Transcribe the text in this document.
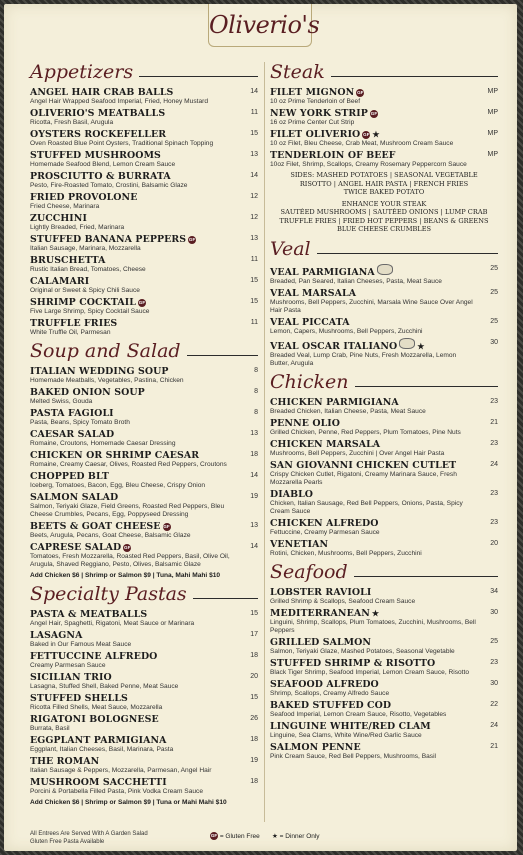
Oliverio's
Appetizers
ANGEL HAIR CRAB BALLS
Angel Hair Wrapped Seafood Imperial, Fried, Honey Mustard
14
OLIVERIO'S MEATBALLS
Ricotta, Fresh Basil, Arugula
11
OYSTERS ROCKEFELLER
Oven Roasted Blue Point Oysters, Traditional Spinach Topping
15
STUFFED MUSHROOMS
Homemade Seafood Blend, Lemon Cream Sauce
13
PROSCIUTTO & BURRATA
Pesto, Fire-Roasted Tomato, Crostini, Balsamic Glaze
14
FRIED PROVOLONE
Fried Cheese, Marinara
12
ZUCCHINI
Lightly Breaded, Fried, Marinara
12
STUFFED BANANA PEPPERS GF
Italian Sausage, Marinara, Mozzarella
13
BRUSCHETTA
Rustic Italian Bread, Tomatoes, Cheese
11
CALAMARI
Original or Sweet & Spicy Chili Sauce
15
SHRIMP COCKTAIL GF
Five Large Shrimp, Spicy Cocktail Sauce
15
TRUFFLE FRIES
White Truffle Oil, Parmesan
11
Soup and Salad
ITALIAN WEDDING SOUP
Homemade Meatballs, Vegetables, Pastina, Chicken
8
BAKED ONION SOUP
Melted Swiss, Gouda
8
PASTA FAGIOLI
Pasta, Beans, Spicy Tomato Broth
8
CAESAR SALAD
Romaine, Croutons, Homemade Caesar Dressing
13
CHICKEN OR SHRIMP CAESAR
Romaine, Creamy Caesar, Olives, Roasted Red Peppers, Croutons
18
CHOPPED BLT
Iceberg, Tomatoes, Bacon, Egg, Bleu Cheese, Crispy Onion
14
SALMON SALAD
Salmon, Teriyaki Glaze, Field Greens, Roasted Red Peppers, Bleu Cheese Crumbles, Pecans, Egg, Poppyseed Dressing
19
BEETS & GOAT CHEESE GF
Beets, Arugula, Pecans, Goat Cheese, Balsamic Glaze
13
CAPRESE SALAD GF
Tomatoes, Fresh Mozzarella, Roasted Red Peppers, Basil, Olive Oil, Arugula, Shaved Reggiano, Pesto, Olives, Balsamic Glaze
14
Add Chicken $6 | Shrimp or Salmon $9 | Tuna, Mahi Mahi $10
Specialty Pastas
PASTA & MEATBALLS
Angel Hair, Spaghetti, Rigatoni, Meat Sauce or Marinara
15
LASAGNA
Baked in Our Famous Meat Sauce
17
FETTUCCINE ALFREDO
Creamy Parmesan Sauce
18
SICILIAN TRIO
Lasagna, Stuffed Shell, Baked Penne, Meat Sauce
20
STUFFED SHELLS
Ricotta Filled Shells, Meat Sauce, Mozzarella
15
RIGATONI BOLOGNESE
Burrata, Basil
26
EGGPLANT PARMIGIANA
Eggplant, Italian Cheeses, Basil, Marinara, Pasta
18
THE ROMAN
Italian Sausage & Peppers, Mozzarella, Parmesan, Angel Hair
19
MUSHROOM SACCHETTI
Porcini & Portabella Filled Pasta, Pink Vodka Cream Sauce
18
Add Chicken $6 | Shrimp or Salmon $9 | Tuna or Mahi Mahi $10
Steak
FILET MIGNON GF
10 oz Prime Tenderloin of Beef
MP
NEW YORK STRIP GF
16 oz Prime Center Cut Strip
MP
FILET OLIVERIO GF ★
10 oz Filet, Bleu Cheese, Crab Meat, Mushroom Cream Sauce
MP
TENDERLOIN OF BEEF
10oz Filet, Shrimp, Scallops, Creamy Rosemary Peppercorn Sauce
MP
SIDES: MASHED POTATOES | SEASONAL VEGETABLE
RISOTTO | ANGEL HAIR PASTA | FRENCH FRIES
TWICE BAKED POTATO
ENHANCE YOUR STEAK
SAUTÉED MUSHROOMS | SAUTÉED ONIONS | LUMP CRAB
TRUFFLE FRIES | FRIED HOT PEPPERS | BEANS & GREENS
BLUE CHEESE CRUMBLES
Veal
VEAL PARMIGIANA
Breaded, Pan Seared, Italian Cheeses, Pasta, Meat Sauce
25
VEAL MARSALA
Mushrooms, Bell Peppers, Zucchini, Marsala Wine Sauce Over Angel Hair Pasta
25
VEAL PICCATA
Lemon, Capers, Mushrooms, Bell Peppers, Zucchini
25
VEAL OSCAR ITALIANO	★
Breaded Veal, Lump Crab, Pine Nuts, Fresh Mozzarella, Lemon Butter, Arugula
30
Chicken
CHICKEN PARMIGIANA
Breaded Chicken, Italian Cheese, Pasta, Meat Sauce
23
PENNE OLIO
Grilled Chicken, Penne, Red Peppers, Plum Tomatoes, Pine Nuts
21
CHICKEN MARSALA
Mushrooms, Bell Peppers, Zucchini | Over Angel Hair Pasta
23
SAN GIOVANNI CHICKEN CUTLET
Crispy Chicken Cutlet, Rigatoni, Creamy Marinara Sauce, Fresh Mozzarella Pearls
24
DIABLO
Chicken, Italian Sausage, Red Bell Peppers, Onions, Pasta, Spicy Cream Sauce
23
CHICKEN ALFREDO
Fettuccine, Creamy Parmesan Sauce
23
VENETIAN
Rotini, Chicken, Mushrooms, Bell Peppers, Zucchini
20
Seafood
LOBSTER RAVIOLI
Grilled Shrimp & Scallops, Seafood Cream Sauce
34
MEDITERRANEAN ★
Linguini, Shrimp, Scallops, Plum Tomatoes, Zucchini, Mushrooms, Bell Peppers
30
GRILLED SALMON
Salmon, Teriyaki Glaze, Mashed Potatoes, Seasonal Vegetable
25
STUFFED SHRIMP & RISOTTO
Black Tiger Shrimp, Seafood Imperial, Lemon Cream Sauce, Risotto
23
SEAFOOD ALFREDO
Shrimp, Scallops, Creamy Alfredo Sauce
30
BAKED STUFFED COD
Seafood Imperial, Lemon Cream Sauce, Risotto, Vegetables
22
LINGUINE WHITE/RED CLAM
Linguine, Sea Clams, White Wine/Red Garlic Sauce
24
SALMON PENNE
Pink Cream Sauce, Red Bell Peppers, Mushrooms, Basil
21
All Entrees Are Served With A Garden Salad
Gluten Free Pasta Available
GF = Gluten Free ★ = Dinner Only
